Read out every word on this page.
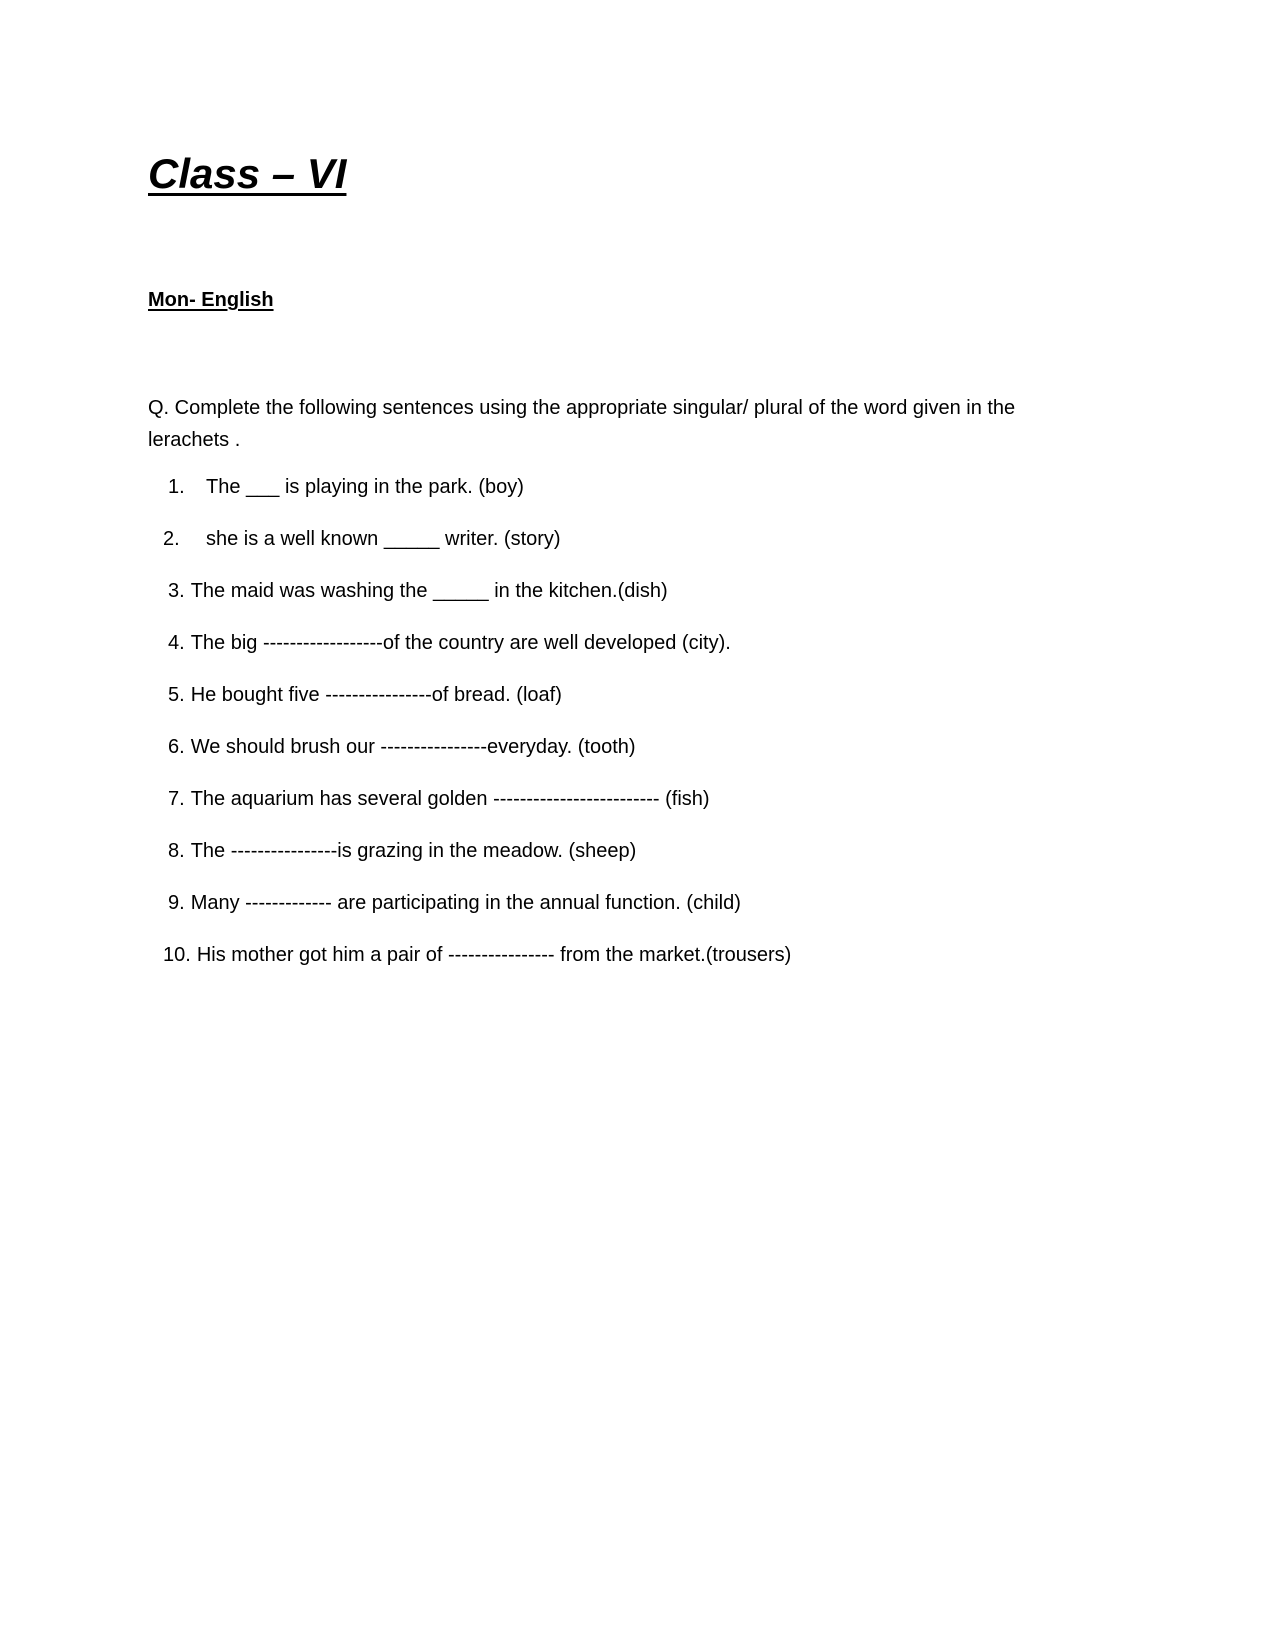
Class – VI

Mon- English

Q. Complete the following sentences using the appropriate singular/ plural of the word given in the lerachets .

1. The ___ is playing in the park. (boy)

2. she is a well known _____ writer. (story)

3. The maid was washing the _____ in the kitchen.(dish)

4. The big ------------------of the country are well developed (city).

5. He bought five ----------------of bread. (loaf)

6. We should brush our ----------------everyday. (tooth)

7. The aquarium has several golden ------------------------- (fish)

8. The ----------------is grazing in the meadow. (sheep)

9. Many ------------- are participating in the annual function. (child)

10. His mother got him a pair of ---------------- from the market.(trousers)
